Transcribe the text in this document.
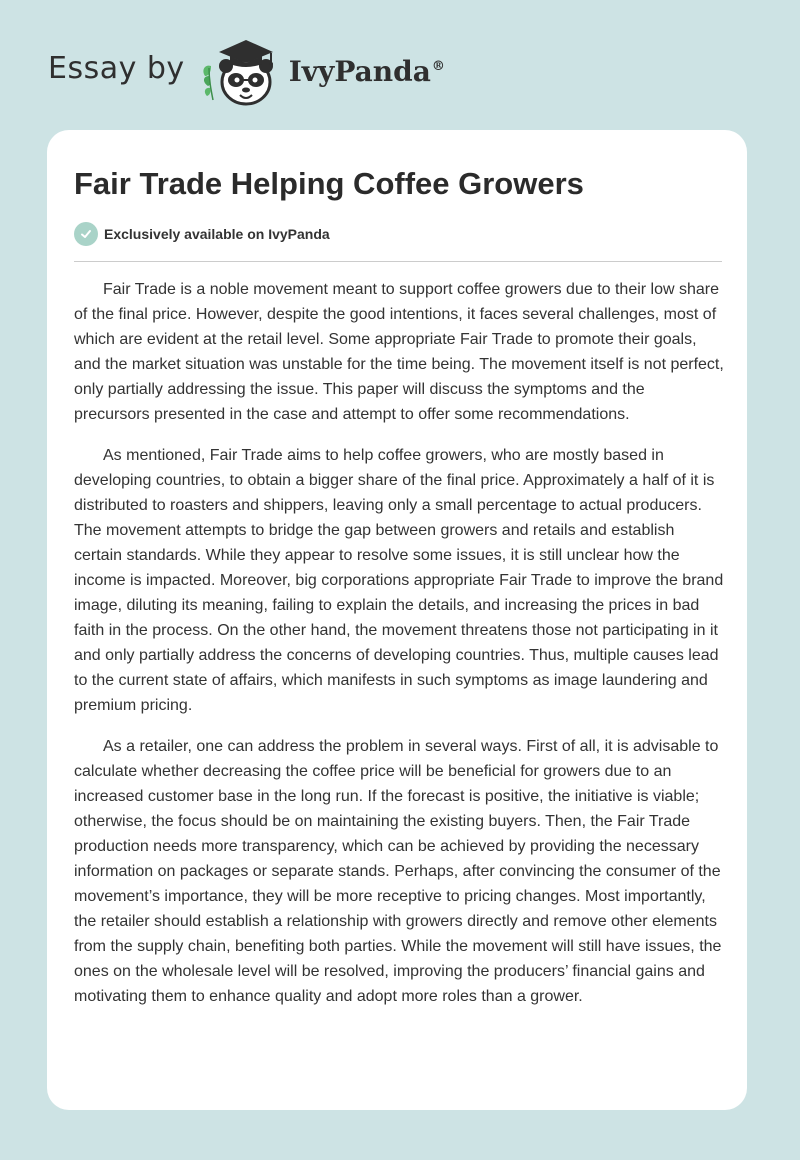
Essay by	IvyPanda®
Fair Trade Helping Coffee Growers
Exclusively available on IvyPanda

Fair Trade is a noble movement meant to support coffee growers due to their low share of the final price. However, despite the good intentions, it faces several challenges, most of which are evident at the retail level. Some appropriate Fair Trade to promote their goals, and the market situation was unstable for the time being. The movement itself is not perfect, only partially addressing the issue. This paper will discuss the symptoms and the precursors presented in the case and attempt to offer some recommendations.

As mentioned, Fair Trade aims to help coffee growers, who are mostly based in developing countries, to obtain a bigger share of the final price. Approximately a half of it is distributed to roasters and shippers, leaving only a small percentage to actual producers. The movement attempts to bridge the gap between growers and retails and establish certain standards. While they appear to resolve some issues, it is still unclear how the income is impacted. Moreover, big corporations appropriate Fair Trade to improve the brand image, diluting its meaning, failing to explain the details, and increasing the prices in bad faith in the process. On the other hand, the movement threatens those not participating in it and only partially address the concerns of developing countries. Thus, multiple causes lead to the current state of affairs, which manifests in such symptoms as image laundering and premium pricing.

As a retailer, one can address the problem in several ways. First of all, it is advisable to calculate whether decreasing the coffee price will be beneficial for growers due to an increased customer base in the long run. If the forecast is positive, the initiative is viable; otherwise, the focus should be on maintaining the existing buyers. Then, the Fair Trade production needs more transparency, which can be achieved by providing the necessary information on packages or separate stands. Perhaps, after convincing the consumer of the movement’s importance, they will be more receptive to pricing changes. Most importantly, the retailer should establish a relationship with growers directly and remove other elements from the supply chain, benefiting both parties. While the movement will still have issues, the ones on the wholesale level will be resolved, improving the producers’ financial gains and motivating them to enhance quality and adopt more roles than a grower.
